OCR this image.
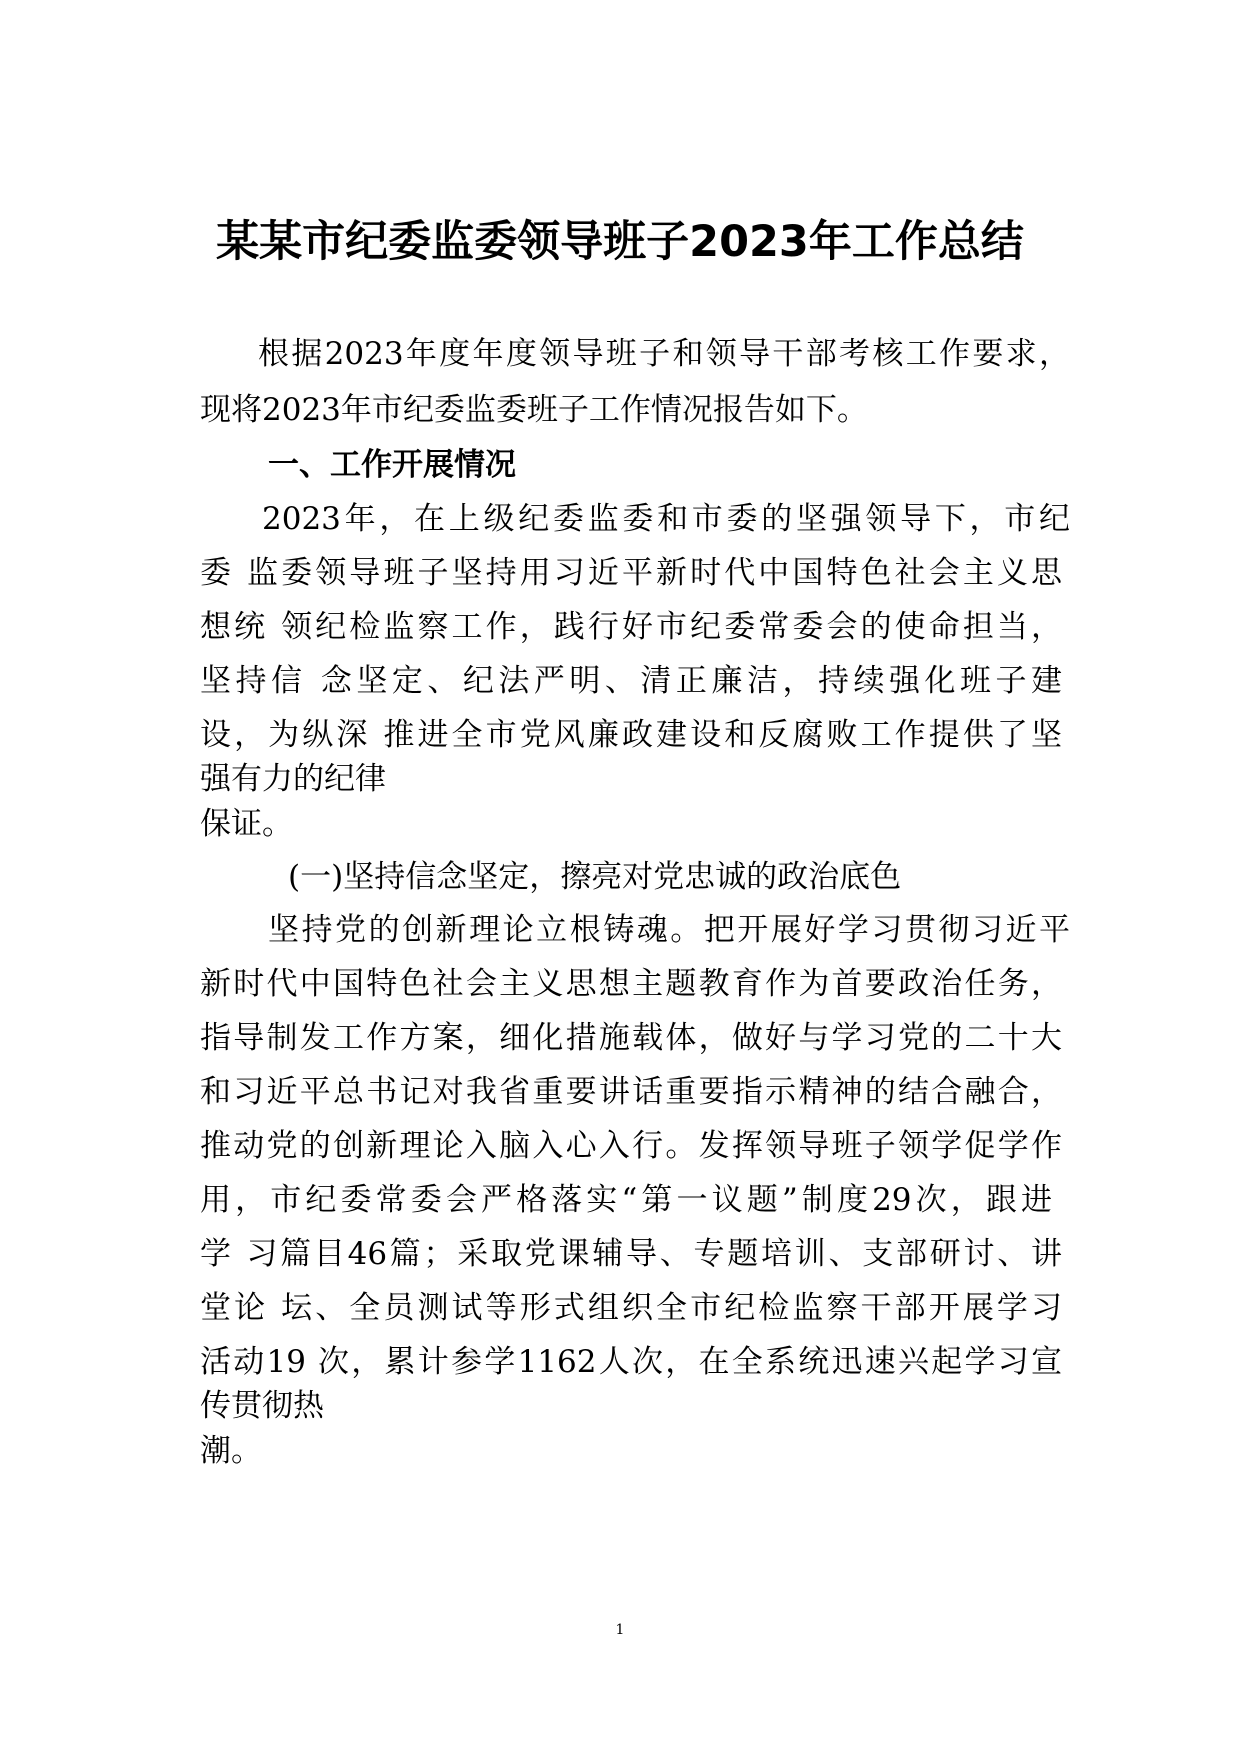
某某市纪委监委领导班子2023年工作总结

根据2023年度年度领导班子和领导干部考核工作要求，

现将2023年市纪委监委班子工作情况报告如下。

一、工作开展情况

2023年，在上级纪委监委和市委的坚强领导下，市纪

委 监委领导班子坚持用习近平新时代中国特色社会主义思

想统 领纪检监察工作，践行好市纪委常委会的使命担当，

坚持信 念坚定、纪法严明、清正廉洁，持续强化班子建

设，为纵深 推进全市党风廉政建设和反腐败工作提供了坚

强有力的纪律

保证。

(一)坚持信念坚定，擦亮对党忠诚的政治底色

坚持党的创新理论立根铸魂。把开展好学习贯彻习近平

新时代中国特色社会主义思想主题教育作为首要政治任务，

指导制发工作方案，细化措施载体，做好与学习党的二十大

和习近平总书记对我省重要讲话重要指示精神的结合融合，

推动党的创新理论入脑入心入行。发挥领导班子领学促学作

用，市纪委常委会严格落实“第一议题”制度29次，跟进

学 习篇目46篇；采取党课辅导、专题培训、支部研讨、讲

堂论 坛、全员测试等形式组织全市纪检监察干部开展学习

活动19 次，累计参学1162人次，在全系统迅速兴起学习宣

传贯彻热

潮。

1
